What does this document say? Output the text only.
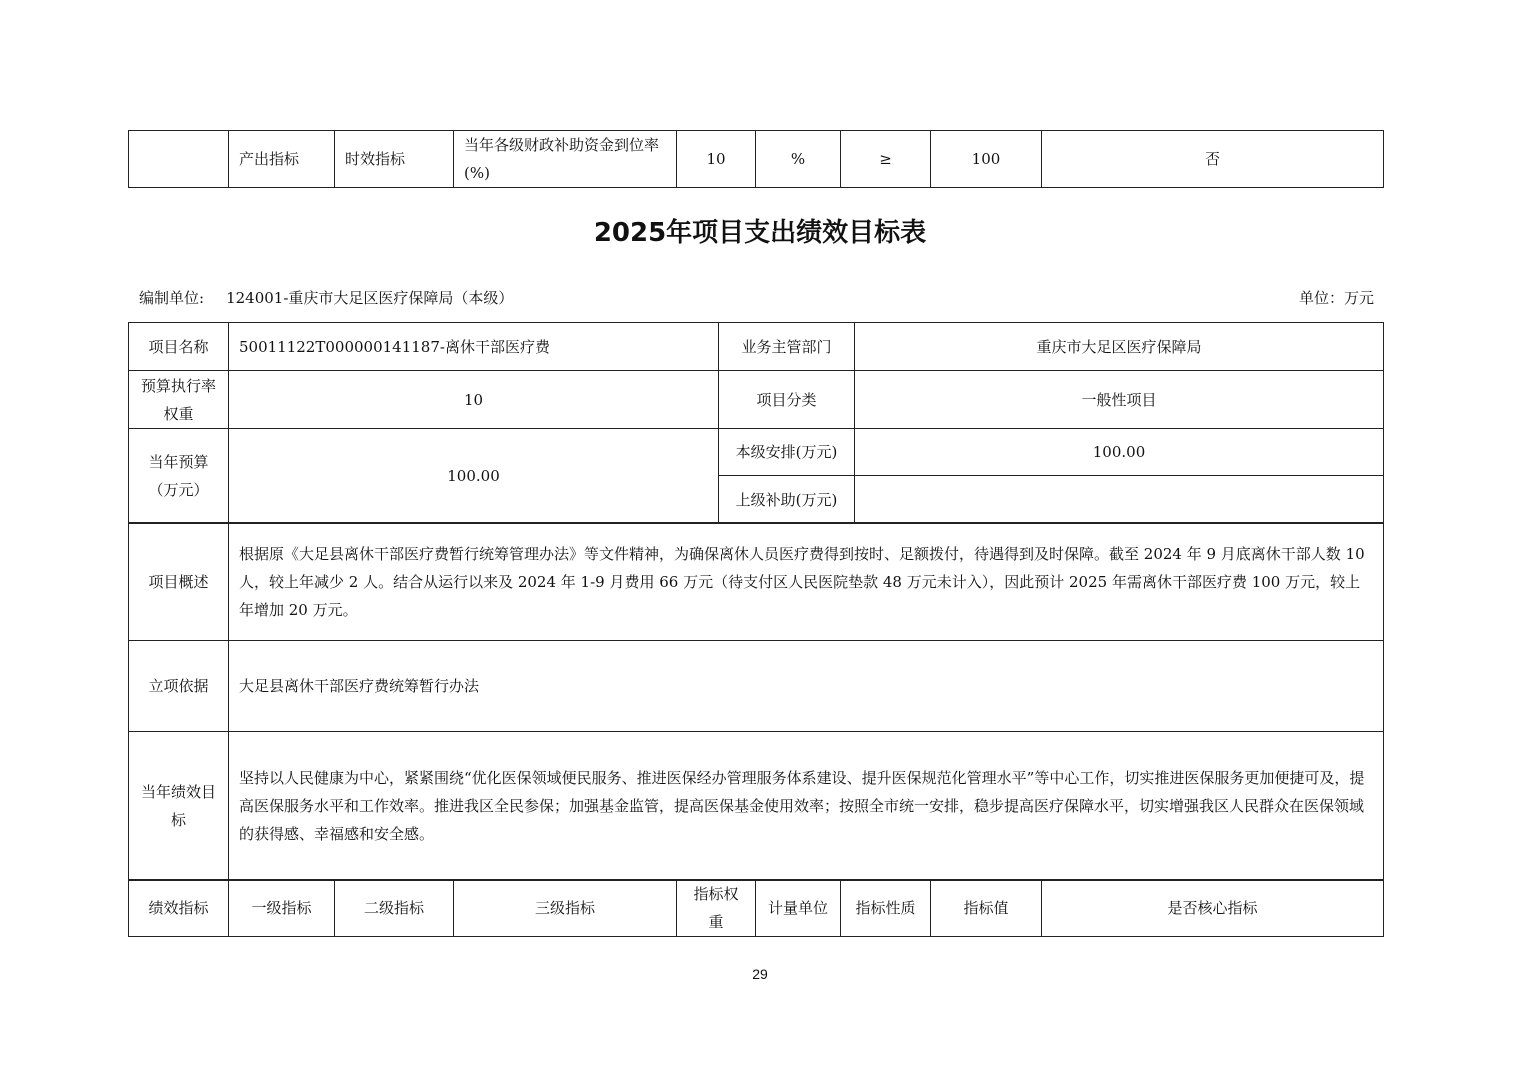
	产出指标	时效指标	当年各级财政补助资金到位率(%)	10	%	≥	100	否
2025年项目支出绩效目标表
编制单位: 124001-重庆市大足区医疗保障局（本级）	单位：万元
项目名称	50011122T000000141187-离休干部医疗费	业务主管部门	重庆市大足区医疗保障局
预算执行率权重	10	项目分类	一般性项目
当年预算（万元）	100.00	本级安排(万元)	100.00
		上级补助(万元)	
项目概述	根据原《大足县离休干部医疗费暂行统筹管理办法》等文件精神，为确保离休人员医疗费得到按时、足额拨付，待遇得到及时保障。截至 2024 年 9 月底离休干部人数 10 人，较上年减少 2 人。结合从运行以来及 2024 年 1-9 月费用 66 万元（待支付区人民医院垫款 48 万元未计入），因此预计 2025 年需离休干部医疗费 100 万元，较上年增加 20 万元。
立项依据	大足县离休干部医疗费统筹暂行办法
当年绩效目标	坚持以人民健康为中心，紧紧围绕“优化医保领域便民服务、推进医保经办管理服务体系建设、提升医保规范化管理水平”等中心工作，切实推进医保服务更加便捷可及，提高医保服务水平和工作效率。推进我区全民参保；加强基金监管，提高医保基金使用效率；按照全市统一安排，稳步提高医疗保障水平，切实增强我区人民群众在医保领域的获得感、幸福感和安全感。
绩效指标	一级指标	二级指标	三级指标	指标权重	计量单位	指标性质	指标值	是否核心指标
29
